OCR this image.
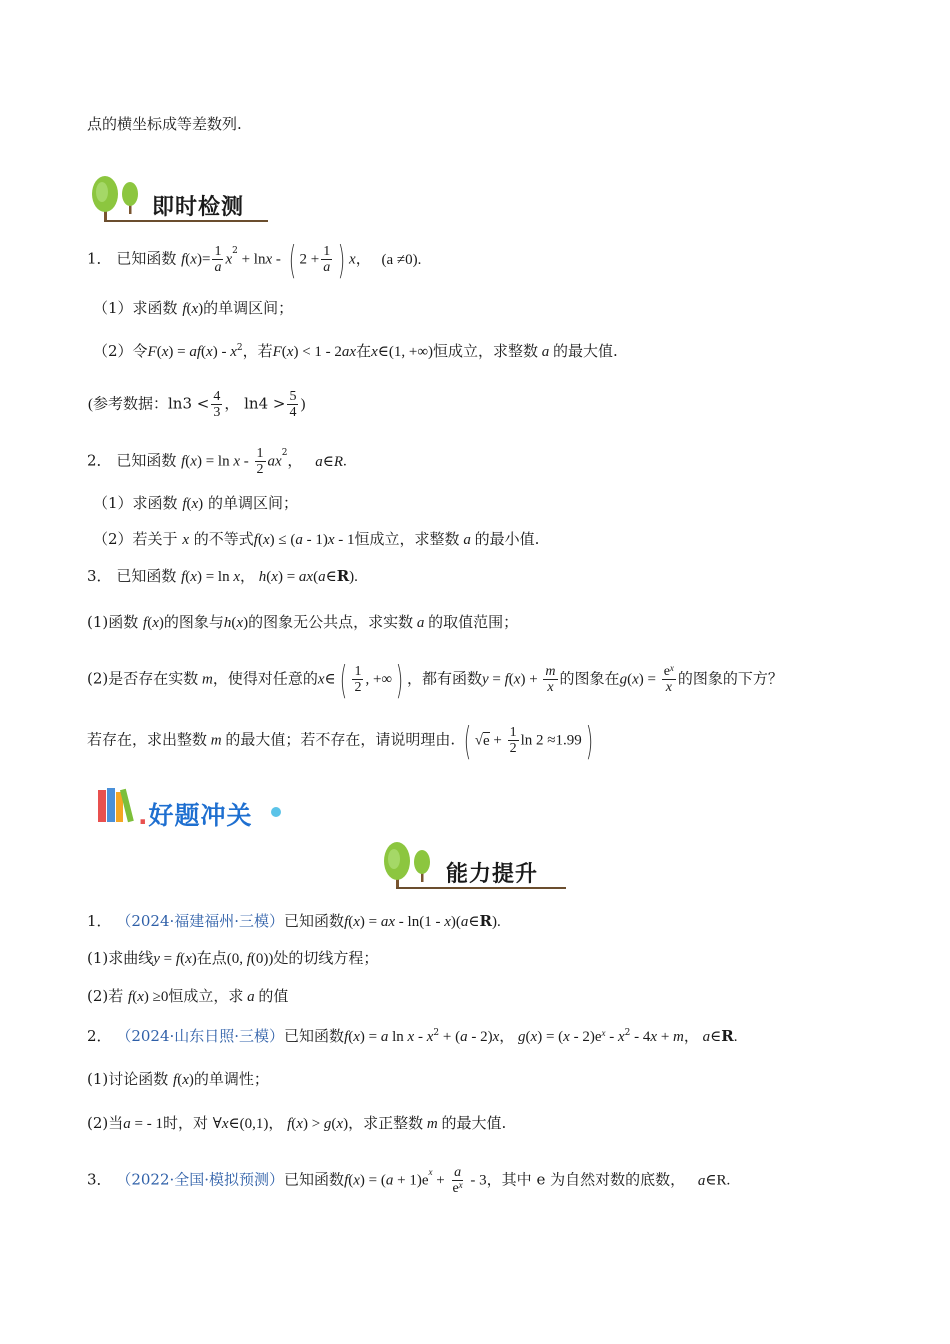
点的横坐标成等差数列.
即时检测
1． 已知函数 $f(x)= \frac{1}{a} x^2 + \ln x$ - ( $2 + \frac{1}{a}$ ) x， (a ≠0).
（1）求函数 f(x)的单调区间；
（2）令$F(x) = af(x) - x^2$，若F(x) < 1 - 2ax在x∈(1, +∞)恒成立，求整数 a 的最大值.
(参考数据：$\ln 3 < \frac{4}{3}$ ， $\ln 4 > \frac{5}{4}$ )
2． 已知函数 $f(x) = \ln x - \frac{1}{2} ax^2$， a∈R.
（1）求函数 f(x) 的单调区间；
（2）若关于 x 的不等式f(x) ≤ (a - 1)x - 1恒成立，求整数 a 的最小值.
3． 已知函数 f(x) = ln x， h(x) = ax(a∈R).
(1)函数 f(x)的图象与h(x)的图象无公共点，求实数 a 的取值范围；
(2)是否存在实数 m，使得对任意的x∈( $\frac{1}{2}$ , +∞) ，都有函数$y = f(x) + \frac{m}{x}$ 的图象在$g(x) = \frac{e^x}{x}$ 的图象的下方？
若存在，求出整数 m 的最大值；若不存在，请说明理由. ( $√e + \frac{1}{2}$ ln 2 ≈1.99)
.好题冲关
能力提升
1． （2024·福建福州·三模）已知函数f(x) = ax - ln(1 - x)(a∈R).
(1)求曲线y = f(x)在点(0, f(0))处的切线方程；
(2)若 f(x) ≥0恒成立，求 a 的值
2． （2024·山东日照·三模）已知函数f(x) = a $\ln x - x^2 + (a - 2)x$， $g(x) = (x - 2)e^x - x^2 - 4x + m$， a∈R.
(1)讨论函数 f(x)的单调性；
(2)当a = - 1时，对 ∀x∈(0,1)， f(x) > g(x)，求正整数 m 的最大值.
3． （2022·全国·模拟预测）已知函数$f(x) = (a + 1)e^x + \frac{a}{e^x} - 3$，其中 e 为自然对数的底数， a∈R.
